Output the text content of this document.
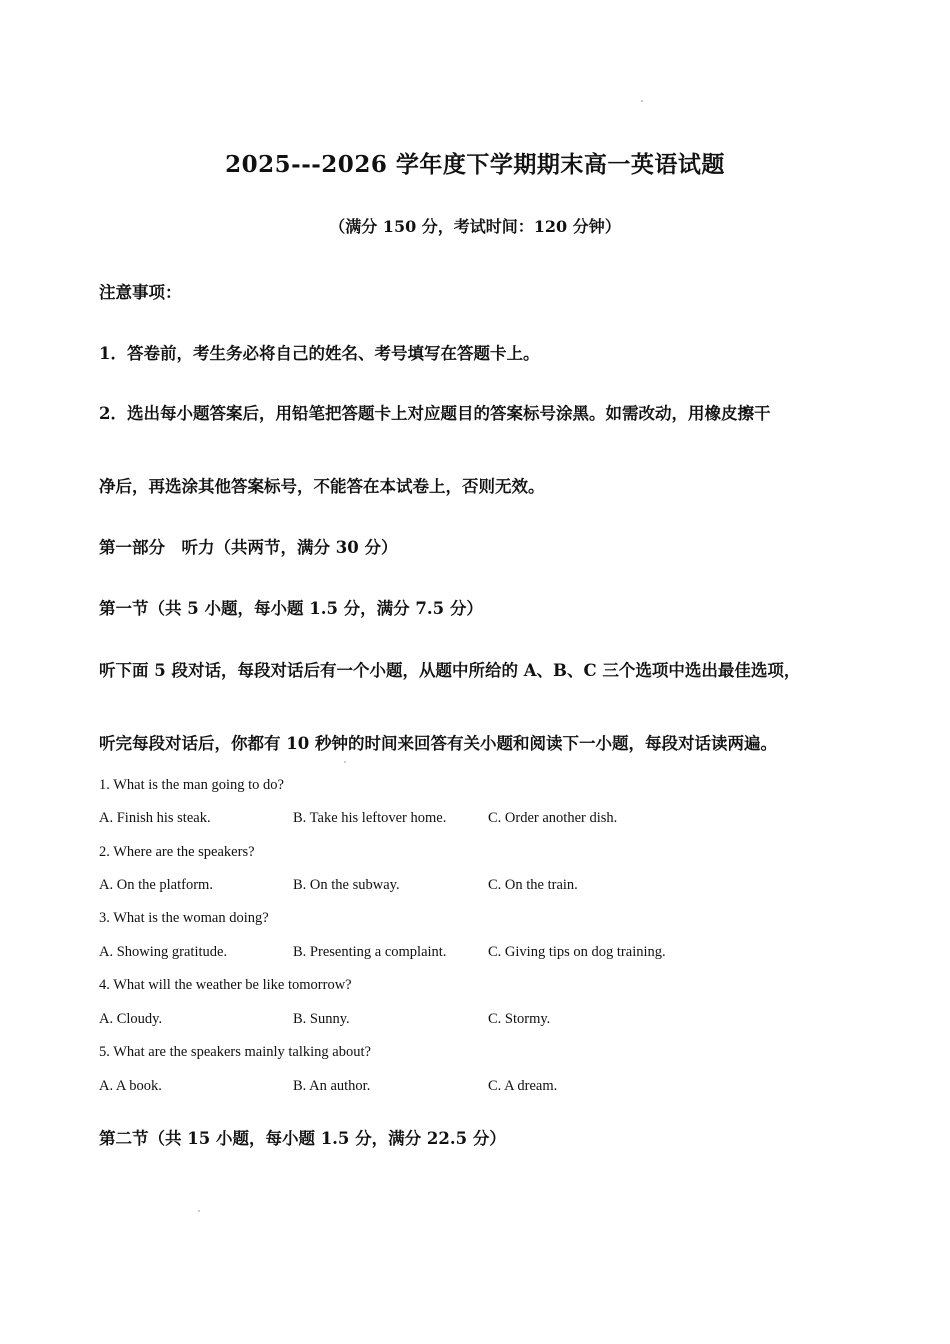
2025---2026 学年度下学期期末高一英语试题
（满分 150 分，考试时间：120 分钟）
注意事项：
1．答卷前，考生务必将自己的姓名、考号填写在答题卡上。
2．选出每小题答案后，用铅笔把答题卡上对应题目的答案标号涂黑。如需改动，用橡皮擦干
净后，再选涂其他答案标号，不能答在本试卷上，否则无效。
第一部分　听力（共两节，满分 30 分）
第一节（共 5 小题，每小题 1.5 分，满分 7.5 分）
听下面 5 段对话，每段对话后有一个小题，从题中所给的 A、B、C 三个选项中选出最佳选项，
听完每段对话后，你都有 10 秒钟的时间来回答有关小题和阅读下一小题，每段对话读两遍。
1. What is the man going to do?
A. Finish his steak.	B. Take his leftover home.	C. Order another dish.
2. Where are the speakers?
A. On the platform.	B. On the subway.	C. On the train.
3. What is the woman doing?
A. Showing gratitude.	B. Presenting a complaint.	C. Giving tips on dog training.
4. What will the weather be like tomorrow?
A. Cloudy.	B. Sunny.	C. Stormy.
5. What are the speakers mainly talking about?
A. A book.	B. An author.	C. A dream.
第二节（共 15 小题，每小题 1.5 分，满分 22.5 分）
